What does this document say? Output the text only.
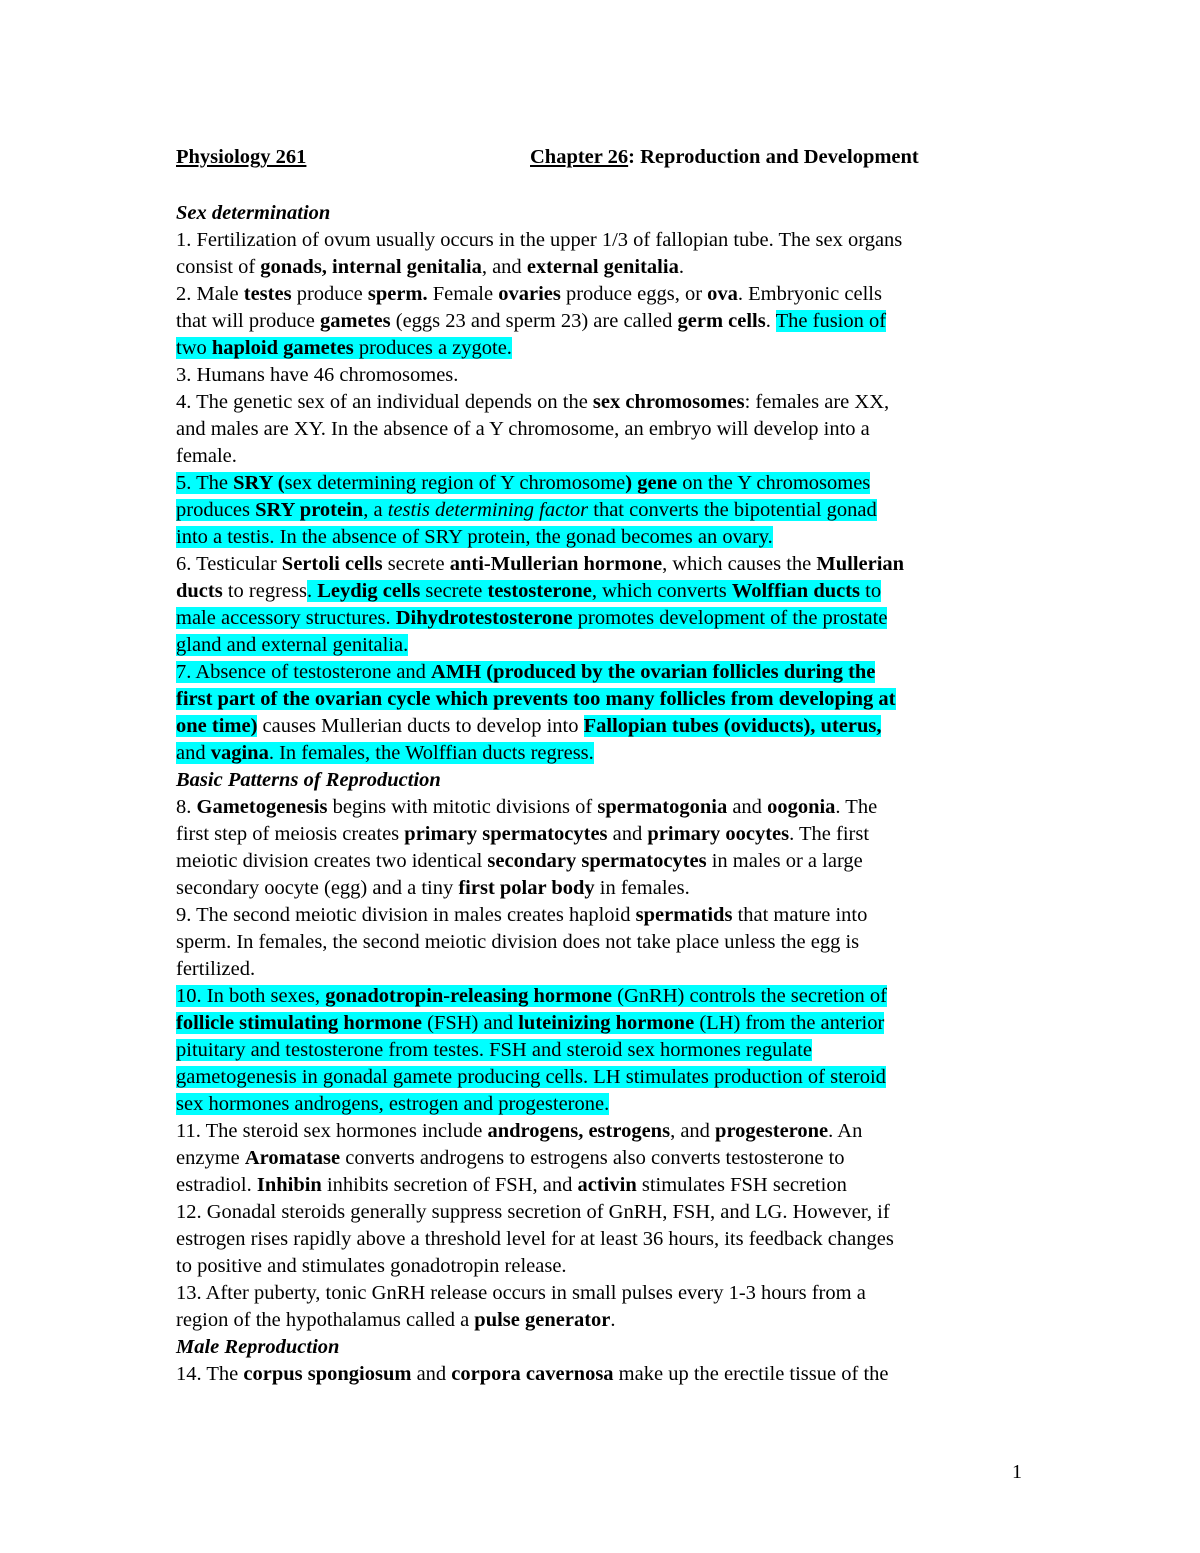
Physiology 261	Chapter 26: Reproduction and Development
Sex determination
1. Fertilization of ovum usually occurs in the upper 1/3 of fallopian tube. The sex organs
consist of gonads, internal genitalia, and external genitalia.
2. Male testes produce sperm. Female ovaries produce eggs, or ova. Embryonic cells
that will produce gametes (eggs 23 and sperm 23) are called germ cells. The fusion of
two haploid gametes produces a zygote.
3. Humans have 46 chromosomes.
4. The genetic sex of an individual depends on the sex chromosomes: females are XX,
and males are XY. In the absence of a Y chromosome, an embryo will develop into a
female.
5. The SRY (sex determining region of Y chromosome) gene on the Y chromosomes
produces SRY protein, a testis determining factor that converts the bipotential gonad
into a testis. In the absence of SRY protein, the gonad becomes an ovary.
6. Testicular Sertoli cells secrete anti-Mullerian hormone, which causes the Mullerian
ducts to regress. Leydig cells secrete testosterone, which converts Wolffian ducts to
male accessory structures. Dihydrotestosterone promotes development of the prostate
gland and external genitalia.
7. Absence of testosterone and AMH (produced by the ovarian follicles during the
first part of the ovarian cycle which prevents too many follicles from developing at
one time) causes Mullerian ducts to develop into Fallopian tubes (oviducts), uterus,
and vagina. In females, the Wolffian ducts regress.
Basic Patterns of Reproduction
8. Gametogenesis begins with mitotic divisions of spermatogonia and oogonia. The
first step of meiosis creates primary spermatocytes and primary oocytes. The first
meiotic division creates two identical secondary spermatocytes in males or a large
secondary oocyte (egg) and a tiny first polar body in females.
9. The second meiotic division in males creates haploid spermatids that mature into
sperm. In females, the second meiotic division does not take place unless the egg is
fertilized.
10. In both sexes, gonadotropin-releasing hormone (GnRH) controls the secretion of
follicle stimulating hormone (FSH) and luteinizing hormone (LH) from the anterior
pituitary and testosterone from testes. FSH and steroid sex hormones regulate
gametogenesis in gonadal gamete producing cells. LH stimulates production of steroid
sex hormones androgens, estrogen and progesterone.
11. The steroid sex hormones include androgens, estrogens, and progesterone. An
enzyme Aromatase converts androgens to estrogens also converts testosterone to
estradiol. Inhibin inhibits secretion of FSH, and activin stimulates FSH secretion
12. Gonadal steroids generally suppress secretion of GnRH, FSH, and LG. However, if
estrogen rises rapidly above a threshold level for at least 36 hours, its feedback changes
to positive and stimulates gonadotropin release.
13. After puberty, tonic GnRH release occurs in small pulses every 1-3 hours from a
region of the hypothalamus called a pulse generator.
Male Reproduction
14. The corpus spongiosum and corpora cavernosa make up the erectile tissue of the
1
